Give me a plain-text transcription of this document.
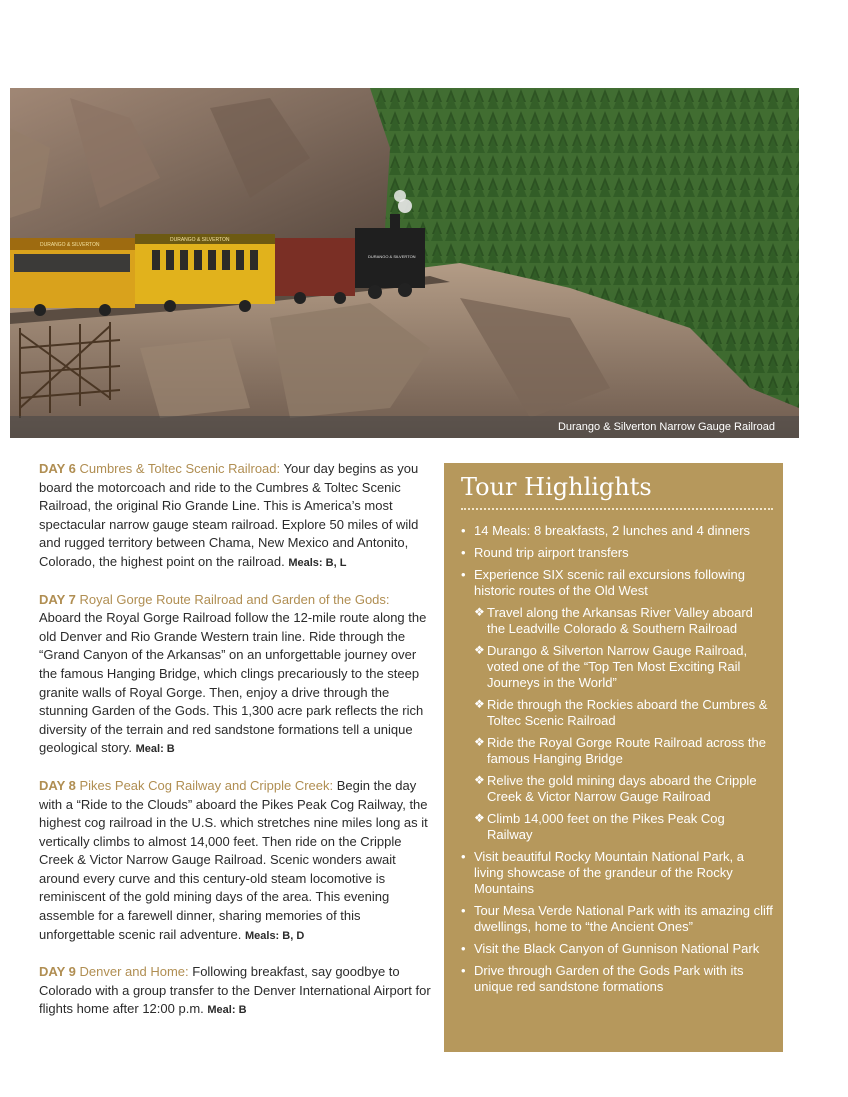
DURANGO & SILVERTON
DURANGO & SILVERTON
DURANGO & SILVERTON
Durango & Silverton Narrow Gauge Railroad

DAY 6 Cumbres & Toltec Scenic Railroad: Your day begins as you board the motorcoach and ride to the Cumbres & Toltec Scenic Railroad, the original Rio Grande Line. This is America’s most spectacular narrow gauge steam railroad. Explore 50 miles of wild and rugged territory between Chama, New Mexico and Antonito, Colorado, the highest point on the railroad. Meals: B, L

DAY 7 Royal Gorge Route Railroad and Garden of the Gods: Aboard the Royal Gorge Railroad follow the 12-mile route along the old Denver and Rio Grande Western train line. Ride through the “Grand Canyon of the Arkansas” on an unforgettable journey over the famous Hanging Bridge, which clings precariously to the steep granite walls of Royal Gorge. Then, enjoy a drive through the stunning Garden of the Gods. This 1,300 acre park reflects the rich diversity of the terrain and red sandstone formations tell a unique geological story. Meal: B

DAY 8 Pikes Peak Cog Railway and Cripple Creek: Begin the day with a “Ride to the Clouds” aboard the Pikes Peak Cog Railway, the highest cog railroad in the U.S. which stretches nine miles long as it vertically climbs to almost 14,000 feet. Then ride on the Cripple Creek & Victor Narrow Gauge Railroad. Scenic wonders await around every curve and this century-old steam locomotive is reminiscent of the gold mining days of the area. This evening assemble for a farewell dinner, sharing memories of this unforgettable scenic rail adventure. Meals: B, D

DAY 9 Denver and Home: Following breakfast, say goodbye to Colorado with a group transfer to the Denver International Airport for flights home after 12:00 p.m. Meal: B

Tour Highlights
• 14 Meals: 8 breakfasts, 2 lunches and 4 dinners
• Round trip airport transfers
• Experience SIX scenic rail excursions following historic routes of the Old West
❖ Travel along the Arkansas River Valley aboard the Leadville Colorado & Southern Railroad
❖ Durango & Silverton Narrow Gauge Railroad, voted one of the “Top Ten Most Exciting Rail Journeys in the World”
❖ Ride through the Rockies aboard the Cumbres & Toltec Scenic Railroad
❖ Ride the Royal Gorge Route Railroad across the famous Hanging Bridge
❖ Relive the gold mining days aboard the Cripple Creek & Victor Narrow Gauge Railroad
❖ Climb 14,000 feet on the Pikes Peak Cog Railway
• Visit beautiful Rocky Mountain National Park, a living showcase of the grandeur of the Rocky Mountains
• Tour Mesa Verde National Park with its amazing cliff dwellings, home to “the Ancient Ones”
• Visit the Black Canyon of Gunnison National Park
• Drive through Garden of the Gods Park with its unique red sandstone formations
